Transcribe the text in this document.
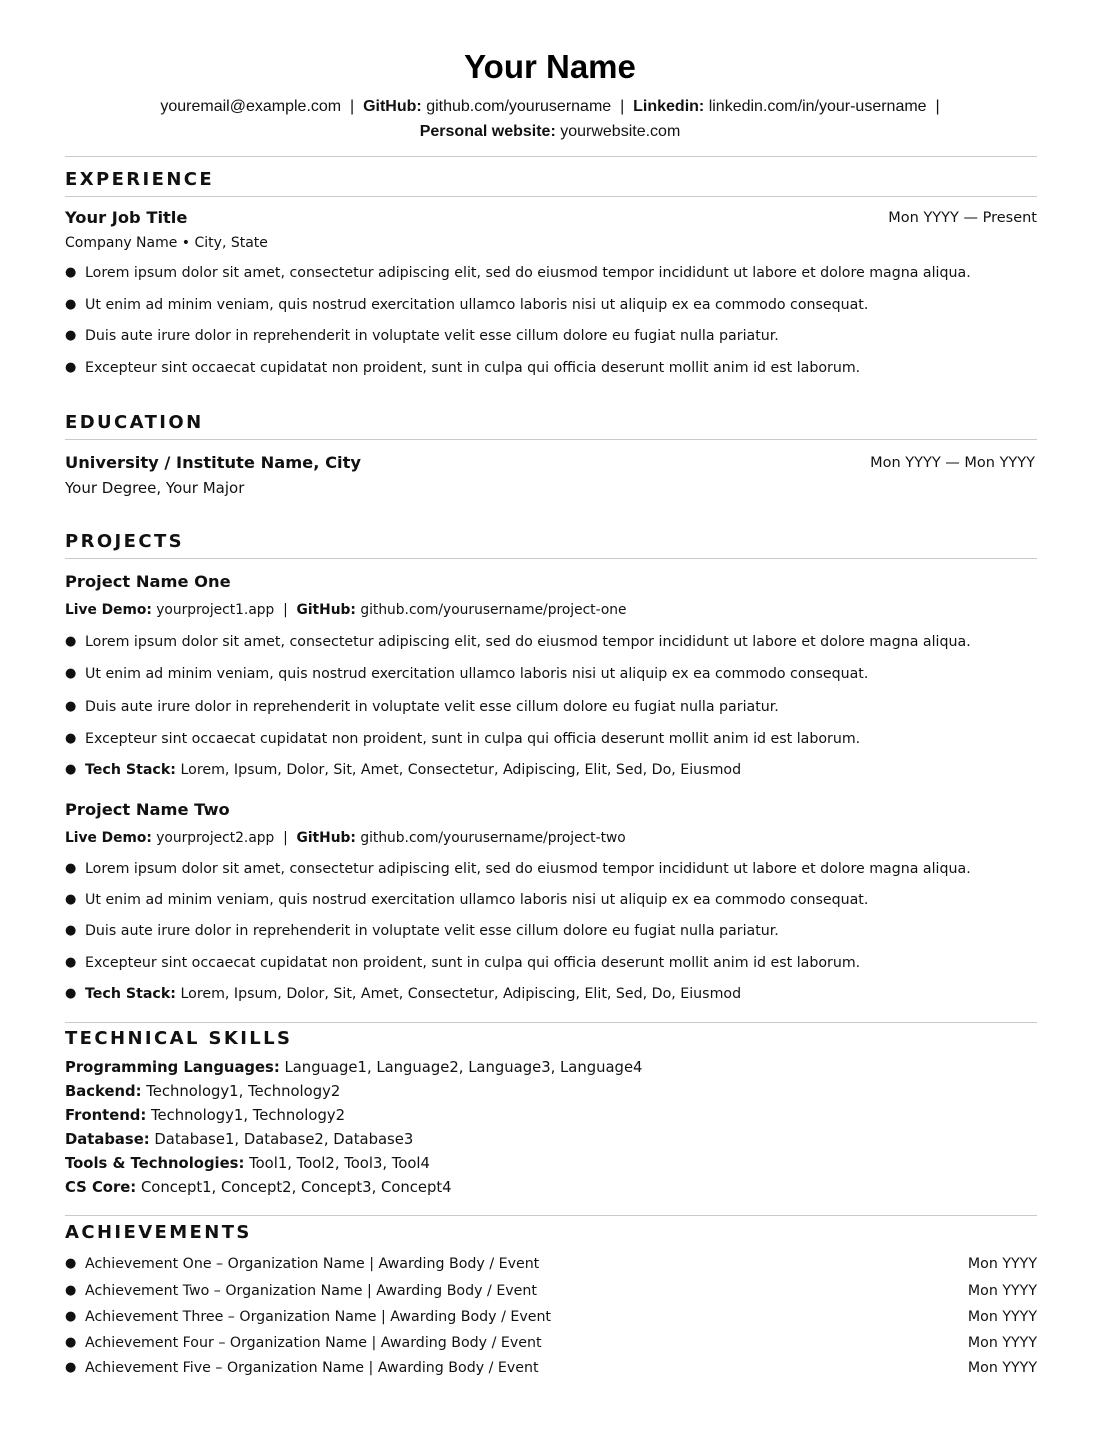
Your Name
youremail@example.com  |  GitHub: github.com/yourusername  |  Linkedin: linkedin.com/in/your-username  |
Personal website: yourwebsite.com
EXPERIENCE
Your Job Title	Mon YYYY — Present
Company Name • City, State
● Lorem ipsum dolor sit amet, consectetur adipiscing elit, sed do eiusmod tempor incididunt ut labore et dolore magna aliqua.
● Ut enim ad minim veniam, quis nostrud exercitation ullamco laboris nisi ut aliquip ex ea commodo consequat.
● Duis aute irure dolor in reprehenderit in voluptate velit esse cillum dolore eu fugiat nulla pariatur.
● Excepteur sint occaecat cupidatat non proident, sunt in culpa qui officia deserunt mollit anim id est laborum.
EDUCATION
University / Institute Name, City	Mon YYYY — Mon YYYY
Your Degree, Your Major
PROJECTS
Project Name One
Live Demo: yourproject1.app  |  GitHub: github.com/yourusername/project-one
● Lorem ipsum dolor sit amet, consectetur adipiscing elit, sed do eiusmod tempor incididunt ut labore et dolore magna aliqua.
● Ut enim ad minim veniam, quis nostrud exercitation ullamco laboris nisi ut aliquip ex ea commodo consequat.
● Duis aute irure dolor in reprehenderit in voluptate velit esse cillum dolore eu fugiat nulla pariatur.
● Excepteur sint occaecat cupidatat non proident, sunt in culpa qui officia deserunt mollit anim id est laborum.
● Tech Stack: Lorem, Ipsum, Dolor, Sit, Amet, Consectetur, Adipiscing, Elit, Sed, Do, Eiusmod
Project Name Two
Live Demo: yourproject2.app  |  GitHub: github.com/yourusername/project-two
● Lorem ipsum dolor sit amet, consectetur adipiscing elit, sed do eiusmod tempor incididunt ut labore et dolore magna aliqua.
● Ut enim ad minim veniam, quis nostrud exercitation ullamco laboris nisi ut aliquip ex ea commodo consequat.
● Duis aute irure dolor in reprehenderit in voluptate velit esse cillum dolore eu fugiat nulla pariatur.
● Excepteur sint occaecat cupidatat non proident, sunt in culpa qui officia deserunt mollit anim id est laborum.
● Tech Stack: Lorem, Ipsum, Dolor, Sit, Amet, Consectetur, Adipiscing, Elit, Sed, Do, Eiusmod
TECHNICAL SKILLS
Programming Languages: Language1, Language2, Language3, Language4
Backend: Technology1, Technology2
Frontend: Technology1, Technology2
Database: Database1, Database2, Database3
Tools & Technologies: Tool1, Tool2, Tool3, Tool4
CS Core: Concept1, Concept2, Concept3, Concept4
ACHIEVEMENTS
● Achievement One – Organization Name | Awarding Body / Event	Mon YYYY
● Achievement Two – Organization Name | Awarding Body / Event	Mon YYYY
● Achievement Three – Organization Name | Awarding Body / Event	Mon YYYY
● Achievement Four – Organization Name | Awarding Body / Event	Mon YYYY
● Achievement Five – Organization Name | Awarding Body / Event	Mon YYYY
